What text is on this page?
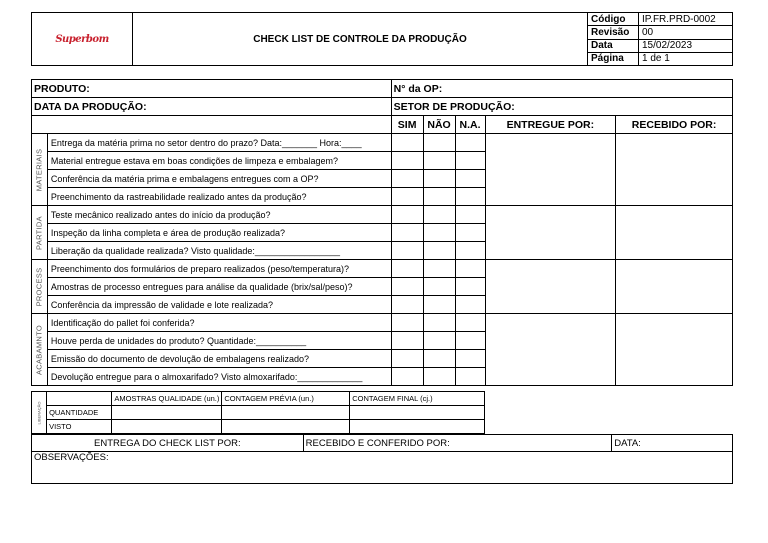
Superbom	CHECK LIST DE CONTROLE DA PRODUÇÃO	Código	IP.FR.PRD-0002
		Revisão	00
		Data	15/02/2023
		Página	1 de 1
PRODUTO:		N° da OP:				
DATA DA PRODUÇÃO:		SETOR DE PRODUÇÃO:				
		SIM	NÃO	N.A.	ENTREGUE POR:	RECEBIDO POR:

MATERIAIS	Entrega da matéria prima no setor dentro do prazo? Data:_______ Hora:____					
	Material entregue estava em boas condições de limpeza e embalagem?					
	Conferência da matéria prima e embalagens entregues com a OP?					
	Preenchimento da rastreabilidade realizado antes da produção?					

PARTIDA	Teste mecânico realizado antes do início da produção?					
	Inspeção da linha completa e área de produção realizada?					
	Liberação da qualidade realizada? Visto qualidade:_________________					

PROCESS	Preenchimento dos formulários de preparo realizados (peso/temperatura)?					
	Amostras de processo entregues para análise da qualidade (brix/sal/peso)?					
	Conferência da impressão de validade e lote realizada?					

ACABAMNTO	Identificação do pallet foi conferida?					
	Houve perda de unidades do produto? Quantidade:__________					
	Emissão do documento de devolução de embalagens realizado?					
	Devolução entregue para o almoxarifado? Visto almoxarifado:_____________					
LIBERAÇÃO		AMOSTRAS QUALIDADE (un.)	CONTAGEM PRÉVIA (un.)	CONTAGEM FINAL (cj.)
	QUANTIDADE			
	VISTO			
ENTREGA DO CHECK LIST POR:	RECEBIDO E CONFERIDO POR:	DATA:
OBSERVAÇÕES:
